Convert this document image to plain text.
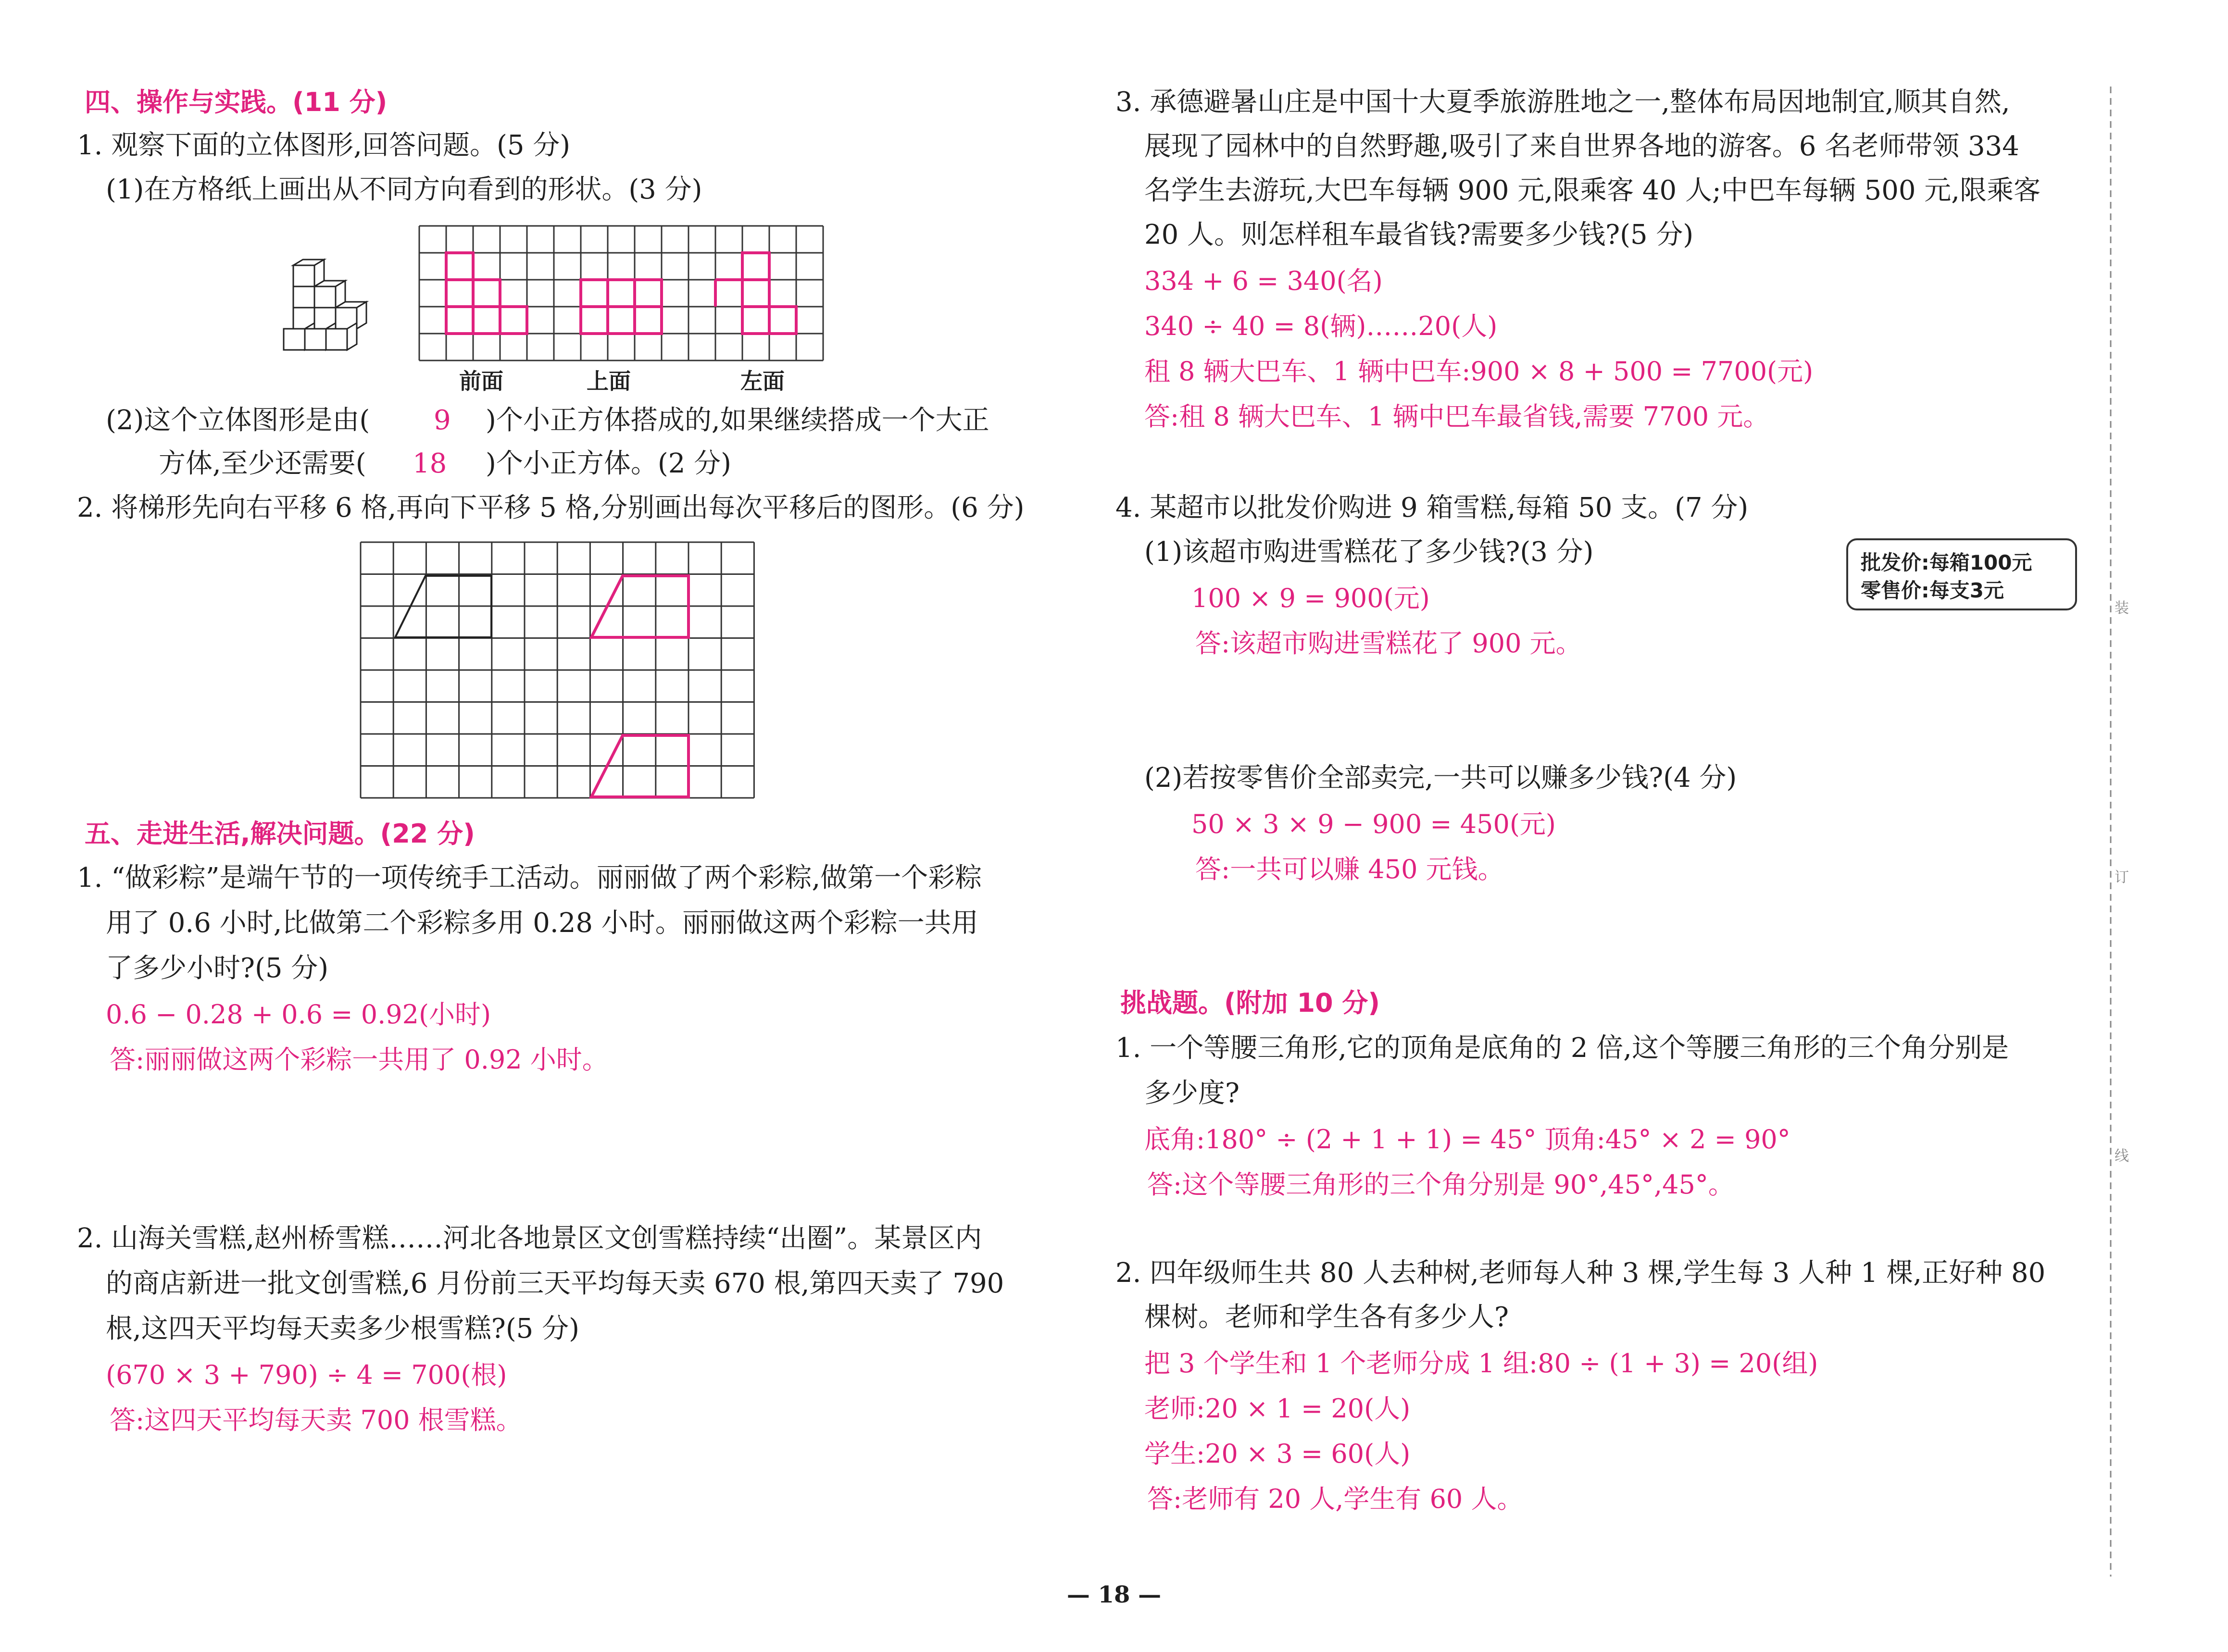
四、操作与实践。(11 分)
1. 观察下面的立体图形,回答问题。(5 分)
(1)在方格纸上画出从不同方向看到的形状。(3 分)
前面	上面	左面
(2)这个立体图形是由( 9 )个小正方体搭成的,如果继续搭成一个大正
方体,至少还需要( 18 )个小正方体。(2 分)
2. 将梯形先向右平移 6 格,再向下平移 5 格,分别画出每次平移后的图形。(6 分)
五、走进生活,解决问题。(22 分)
1. “做彩粽”是端午节的一项传统手工活动。丽丽做了两个彩粽,做第一个彩粽
用了 0.6 小时,比做第二个彩粽多用 0.28 小时。丽丽做这两个彩粽一共用
了多少小时?(5 分)
0.6 − 0.28 + 0.6 = 0.92(小时)
答:丽丽做这两个彩粽一共用了 0.92 小时。
2. 山海关雪糕,赵州桥雪糕……河北各地景区文创雪糕持续“出圈”。某景区内
的商店新进一批文创雪糕,6 月份前三天平均每天卖 670 根,第四天卖了 790
根,这四天平均每天卖多少根雪糕?(5 分)
(670 × 3 + 790) ÷ 4 = 700(根)
答:这四天平均每天卖 700 根雪糕。
3. 承德避暑山庄是中国十大夏季旅游胜地之一,整体布局因地制宜,顺其自然,
展现了园林中的自然野趣,吸引了来自世界各地的游客。6 名老师带领 334
名学生去游玩,大巴车每辆 900 元,限乘客 40 人;中巴车每辆 500 元,限乘客
20 人。则怎样租车最省钱?需要多少钱?(5 分)
334 + 6 = 340(名)
340 ÷ 40 = 8(辆)……20(人)
租 8 辆大巴车、1 辆中巴车:900 × 8 + 500 = 7700(元)
答:租 8 辆大巴车、1 辆中巴车最省钱,需要 7700 元。
4. 某超市以批发价购进 9 箱雪糕,每箱 50 支。(7 分)
(1)该超市购进雪糕花了多少钱?(3 分)	批发价:每箱100元
零售价:每支3元
100 × 9 = 900(元)
答:该超市购进雪糕花了 900 元。
(2)若按零售价全部卖完,一共可以赚多少钱?(4 分)
50 × 3 × 9 − 900 = 450(元)
答:一共可以赚 450 元钱。
挑战题。(附加 10 分)
1. 一个等腰三角形,它的顶角是底角的 2 倍,这个等腰三角形的三个角分别是
多少度?
底角:180° ÷ (2 + 1 + 1) = 45° 顶角:45° × 2 = 90°
答:这个等腰三角形的三个角分别是 90°,45°,45°。
2. 四年级师生共 80 人去种树,老师每人种 3 棵,学生每 3 人种 1 棵,正好种 80
棵树。老师和学生各有多少人?
把 3 个学生和 1 个老师分成 1 组:80 ÷ (1 + 3) = 20(组)
老师:20 × 1 = 20(人)
学生:20 × 3 = 60(人)
答:老师有 20 人,学生有 60 人。
装
订
线
— 18 —
